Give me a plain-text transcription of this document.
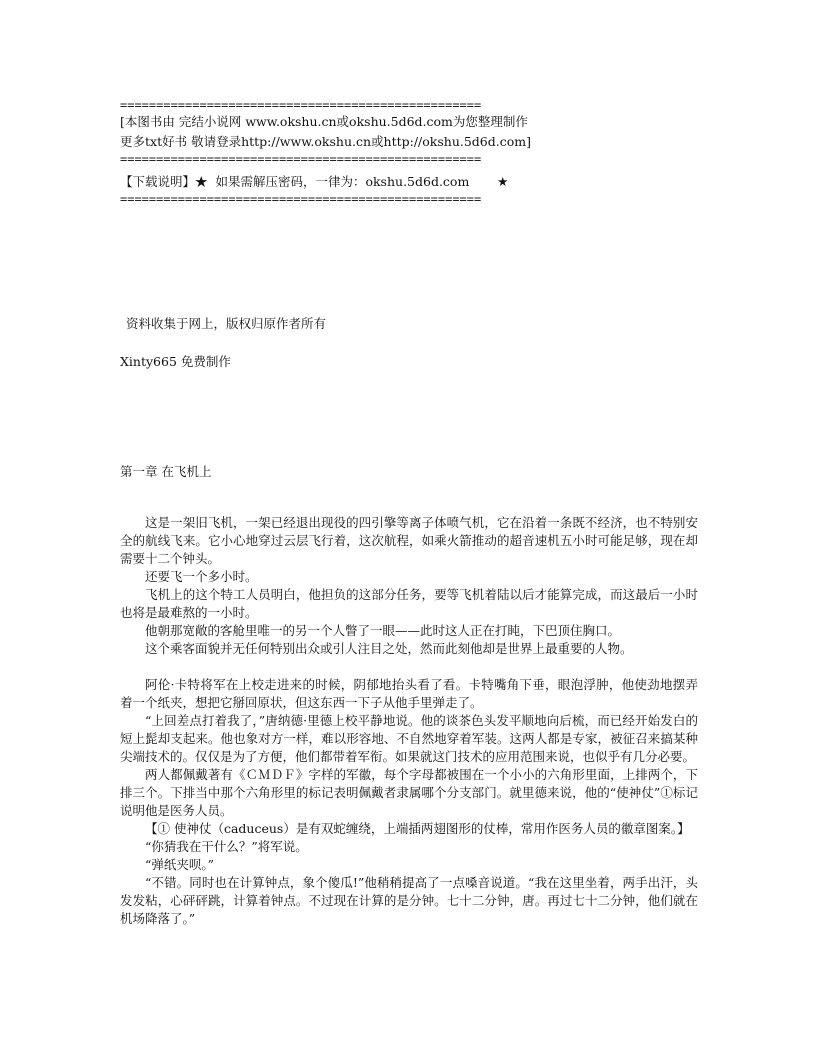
==================================================
[本图书由 完结小说网 www.okshu.cn或okshu.5d6d.com为您整理制作
更多txt好书 敬请登录http://www.okshu.cn或http://okshu.5d6d.com]
==================================================
【下载说明】★  如果需解压密码，一律为：okshu.5d6d.com       ★
==================================================
资料收集于网上，版权归原作者所有
Xinty665 免费制作
第一章 在飞机上

这是一架旧飞机，一架已经退出现役的四引擎等离子体喷气机，它在沿着一条既不经济，也不特别安全的航线飞来。它小心地穿过云层飞行着，这次航程，如乘火箭推动的超音速机五小时可能足够，现在却需要十二个钟头。

还要飞一个多小时。

飞机上的这个特工人员明白，他担负的这部分任务，要等飞机着陆以后才能算完成，而这最后一小时也将是最难熬的一小时。

他朝那宽敞的客舱里唯一的另一个人瞥了一眼——此时这人正在打盹，下巴顶住胸口。

这个乘客面貌并无任何特别出众或引人注目之处，然而此刻他却是世界上最重要的人物。

阿伦·卡特将军在上校走进来的时候，阴郁地抬头看了看。卡特嘴角下垂，眼泡浮肿，他使劲地摆弄着一个纸夹，想把它掰回原状，但这东西一下子从他手里弹走了。

“上回差点打着我了，”唐纳德·里德上校平静地说。他的谈茶色头发平顺地向后梳，而已经开始发白的短上髭却支起来。他也象对方一样，难以形容地、不自然地穿着军装。这两人都是专家，被征召来搞某种尖端技术的。仅仅是为了方便，他们都带着军衔。如果就这门技术的应用范围来说，也似乎有几分必要。

两人都佩戴著有《ＣＭＤＦ》字样的军徽，每个字母都被围在一个小小的六角形里面，上排两个，下排三个。下排当中那个六角形里的标记表明佩戴者隶属哪个分支部门。就里德来说，他的“使神仗”①标记说明他是医务人员。

【① 使神仗（caduceus）是有双蛇缠绕，上端插两翅图形的仗棒，常用作医务人员的徽章图案。】

“你猜我在干什么？”将军说。

“弹纸夹呗。”

“不错。同时也在计算钟点，象个傻瓜!”他稍稍提高了一点嗓音说道。“我在这里坐着，两手出汗，头发发粘，心砰砰跳，计算着钟点。不过现在计算的是分钟。七十二分钟，唐。再过七十二分钟，他们就在机场降落了。”
